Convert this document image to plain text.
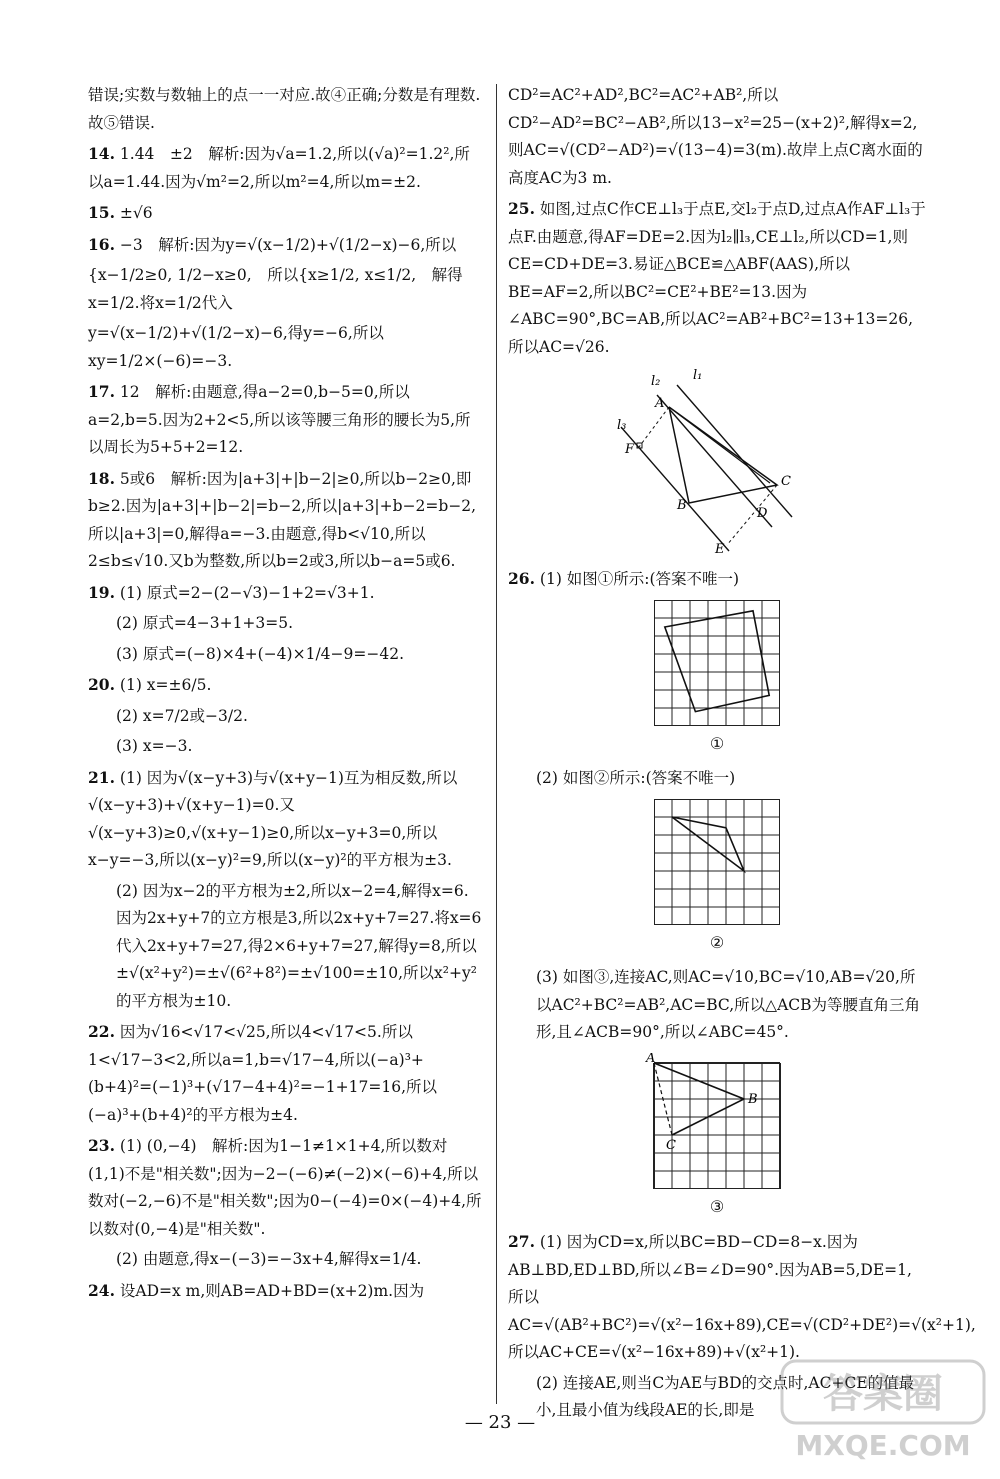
错误;实数与数轴上的点一一对应.故④正确;分数是有理数.故⑤错误.

14. 1.44　±2　解析:因为√a=1.2,所以(√a)²=1.2²,所以a=1.44.因为√m²=2,所以m²=4,所以m=±2.

15. ±√6

16. −3　解析:因为y=√(x−1/2)+√(1/2−x)−6,所以

{x−1/2≥0, 1/2−x≥0,　所以{x≥1/2, x≤1/2,　解得x=1/2.将x=1/2代入

y=√(x−1/2)+√(1/2−x)−6,得y=−6,所以xy=1/2×(−6)=−3.

17. 12　解析:由题意,得a−2=0,b−5=0,所以a=2,b=5.因为2+2<5,所以该等腰三角形的腰长为5,所以周长为5+5+2=12.

18. 5或6　解析:因为|a+3|+|b−2|≥0,所以b−2≥0,即b≥2.因为|a+3|+|b−2|=b−2,所以|a+3|+b−2=b−2,所以|a+3|=0,解得a=−3.由题意,得b<√10,所以2≤b≤√10.又b为整数,所以b=2或3,所以b−a=5或6.

19. (1) 原式=2−(2−√3)−1+2=√3+1.

(2) 原式=4−3+1+3=5.

(3) 原式=(−8)×4+(−4)×1/4−9=−42.

20. (1) x=±6/5.

(2) x=7/2或−3/2.

(3) x=−3.

21. (1) 因为√(x−y+3)与√(x+y−1)互为相反数,所以√(x−y+3)+√(x+y−1)=0.又√(x−y+3)≥0,√(x+y−1)≥0,所以x−y+3=0,所以x−y=−3,所以(x−y)²=9,所以(x−y)²的平方根为±3.

(2) 因为x−2的平方根为±2,所以x−2=4,解得x=6.因为2x+y+7的立方根是3,所以2x+y+7=27.将x=6代入2x+y+7=27,得2×6+y+7=27,解得y=8,所以±√(x²+y²)=±√(6²+8²)=±√100=±10,所以x²+y²的平方根为±10.

22. 因为√16<√17<√25,所以4<√17<5.所以1<√17−3<2,所以a=1,b=√17−4,所以(−a)³+(b+4)²=(−1)³+(√17−4+4)²=−1+17=16,所以(−a)³+(b+4)²的平方根为±4.

23. (1) (0,−4)　解析:因为1−1≠1×1+4,所以数对(1,1)不是"相关数";因为−2−(−6)≠(−2)×(−6)+4,所以数对(−2,−6)不是"相关数";因为0−(−4)=0×(−4)+4,所以数对(0,−4)是"相关数".

(2) 由题意,得x−(−3)=−3x+4,解得x=1/4.

24. 设AD=x m,则AB=AD+BD=(x+2)m.因为

CD²=AC²+AD²,BC²=AC²+AB²,所以CD²−AD²=BC²−AB²,所以13−x²=25−(x+2)²,解得x=2,则AC=√(CD²−AD²)=√(13−4)=3(m).故岸上点C离水面的高度AC为3 m.

25. 如图,过点C作CE⊥l₃于点E,交l₂于点D,过点A作AF⊥l₃于点F.由题意,得AF=DE=2.因为l₂∥l₃,CE⊥l₂,所以CD=1,则CE=CD+DE=3.易证△BCE≌△ABF(AAS),所以BE=AF=2,所以BC²=CE²+BE²=13.因为∠ABC=90°,BC=AB,所以AC²=AB²+BC²=13+13=26,所以AC=√26.

l₂	l₁
l₃
A
F
C
B
D
E

26. (1) 如图①所示:(答案不唯一)

①

(2) 如图②所示:(答案不唯一)

②

(3) 如图③,连接AC,则AC=√10,BC=√10,AB=√20,所以AC²+BC²=AB²,AC=BC,所以△ACB为等腰直角三角形,且∠ACB=90°,所以∠ABC=45°.

A
B
C
③

27. (1) 因为CD=x,所以BC=BD−CD=8−x.因为AB⊥BD,ED⊥BD,所以∠B=∠D=90°.因为AB=5,DE=1,所以AC=√(AB²+BC²)=√(x²−16x+89),CE=√(CD²+DE²)=√(x²+1),所以AC+CE=√(x²−16x+89)+√(x²+1).

(2) 连接AE,则当C为AE与BD的交点时,AC+CE的值最小,且最小值为线段AE的长,即是

— 23 —
答案圈
MXQE.COM
